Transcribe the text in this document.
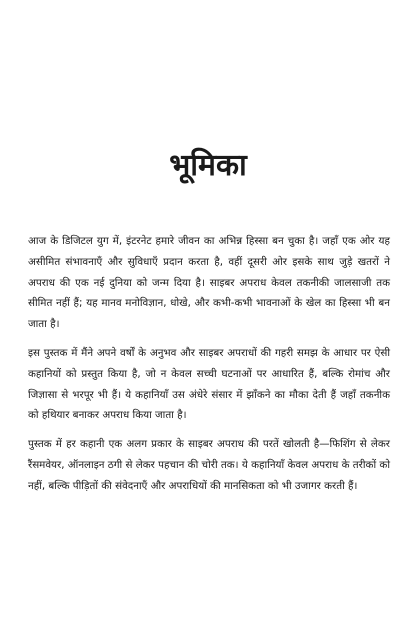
भूमिका

आज के डिजिटल युग में, इंटरनेट हमारे जीवन का अभिन्न हिस्सा बन चुका है। जहाँ एक ओर यह असीमित संभावनाएँ और सुविधाएँ प्रदान करता है, वहीं दूसरी ओर इसके साथ जुड़े खतरों ने अपराध की एक नई दुनिया को जन्म दिया है। साइबर अपराध केवल तकनीकी जालसाजी तक सीमित नहीं हैं; यह मानव मनोविज्ञान, धोखे, और कभी-कभी भावनाओं के खेल का हिस्सा भी बन जाता है।

इस पुस्तक में मैंने अपने वर्षों के अनुभव और साइबर अपराधों की गहरी समझ के आधार पर ऐसी कहानियों को प्रस्तुत किया है, जो न केवल सच्ची घटनाओं पर आधारित हैं, बल्कि रोमांच और जिज्ञासा से भरपूर भी हैं। ये कहानियाँ उस अंधेरे संसार में झाँकने का मौका देती हैं जहाँ तकनीक को हथियार बनाकर अपराध किया जाता है।

पुस्तक में हर कहानी एक अलग प्रकार के साइबर अपराध की परतें खोलती है—फिशिंग से लेकर रैंसमवेयर, ऑनलाइन ठगी से लेकर पहचान की चोरी तक। ये कहानियाँ केवल अपराध के तरीकों को नहीं, बल्कि पीड़ितों की संवेदनाएँ और अपराधियों की मानसिकता को भी उजागर करती हैं।
